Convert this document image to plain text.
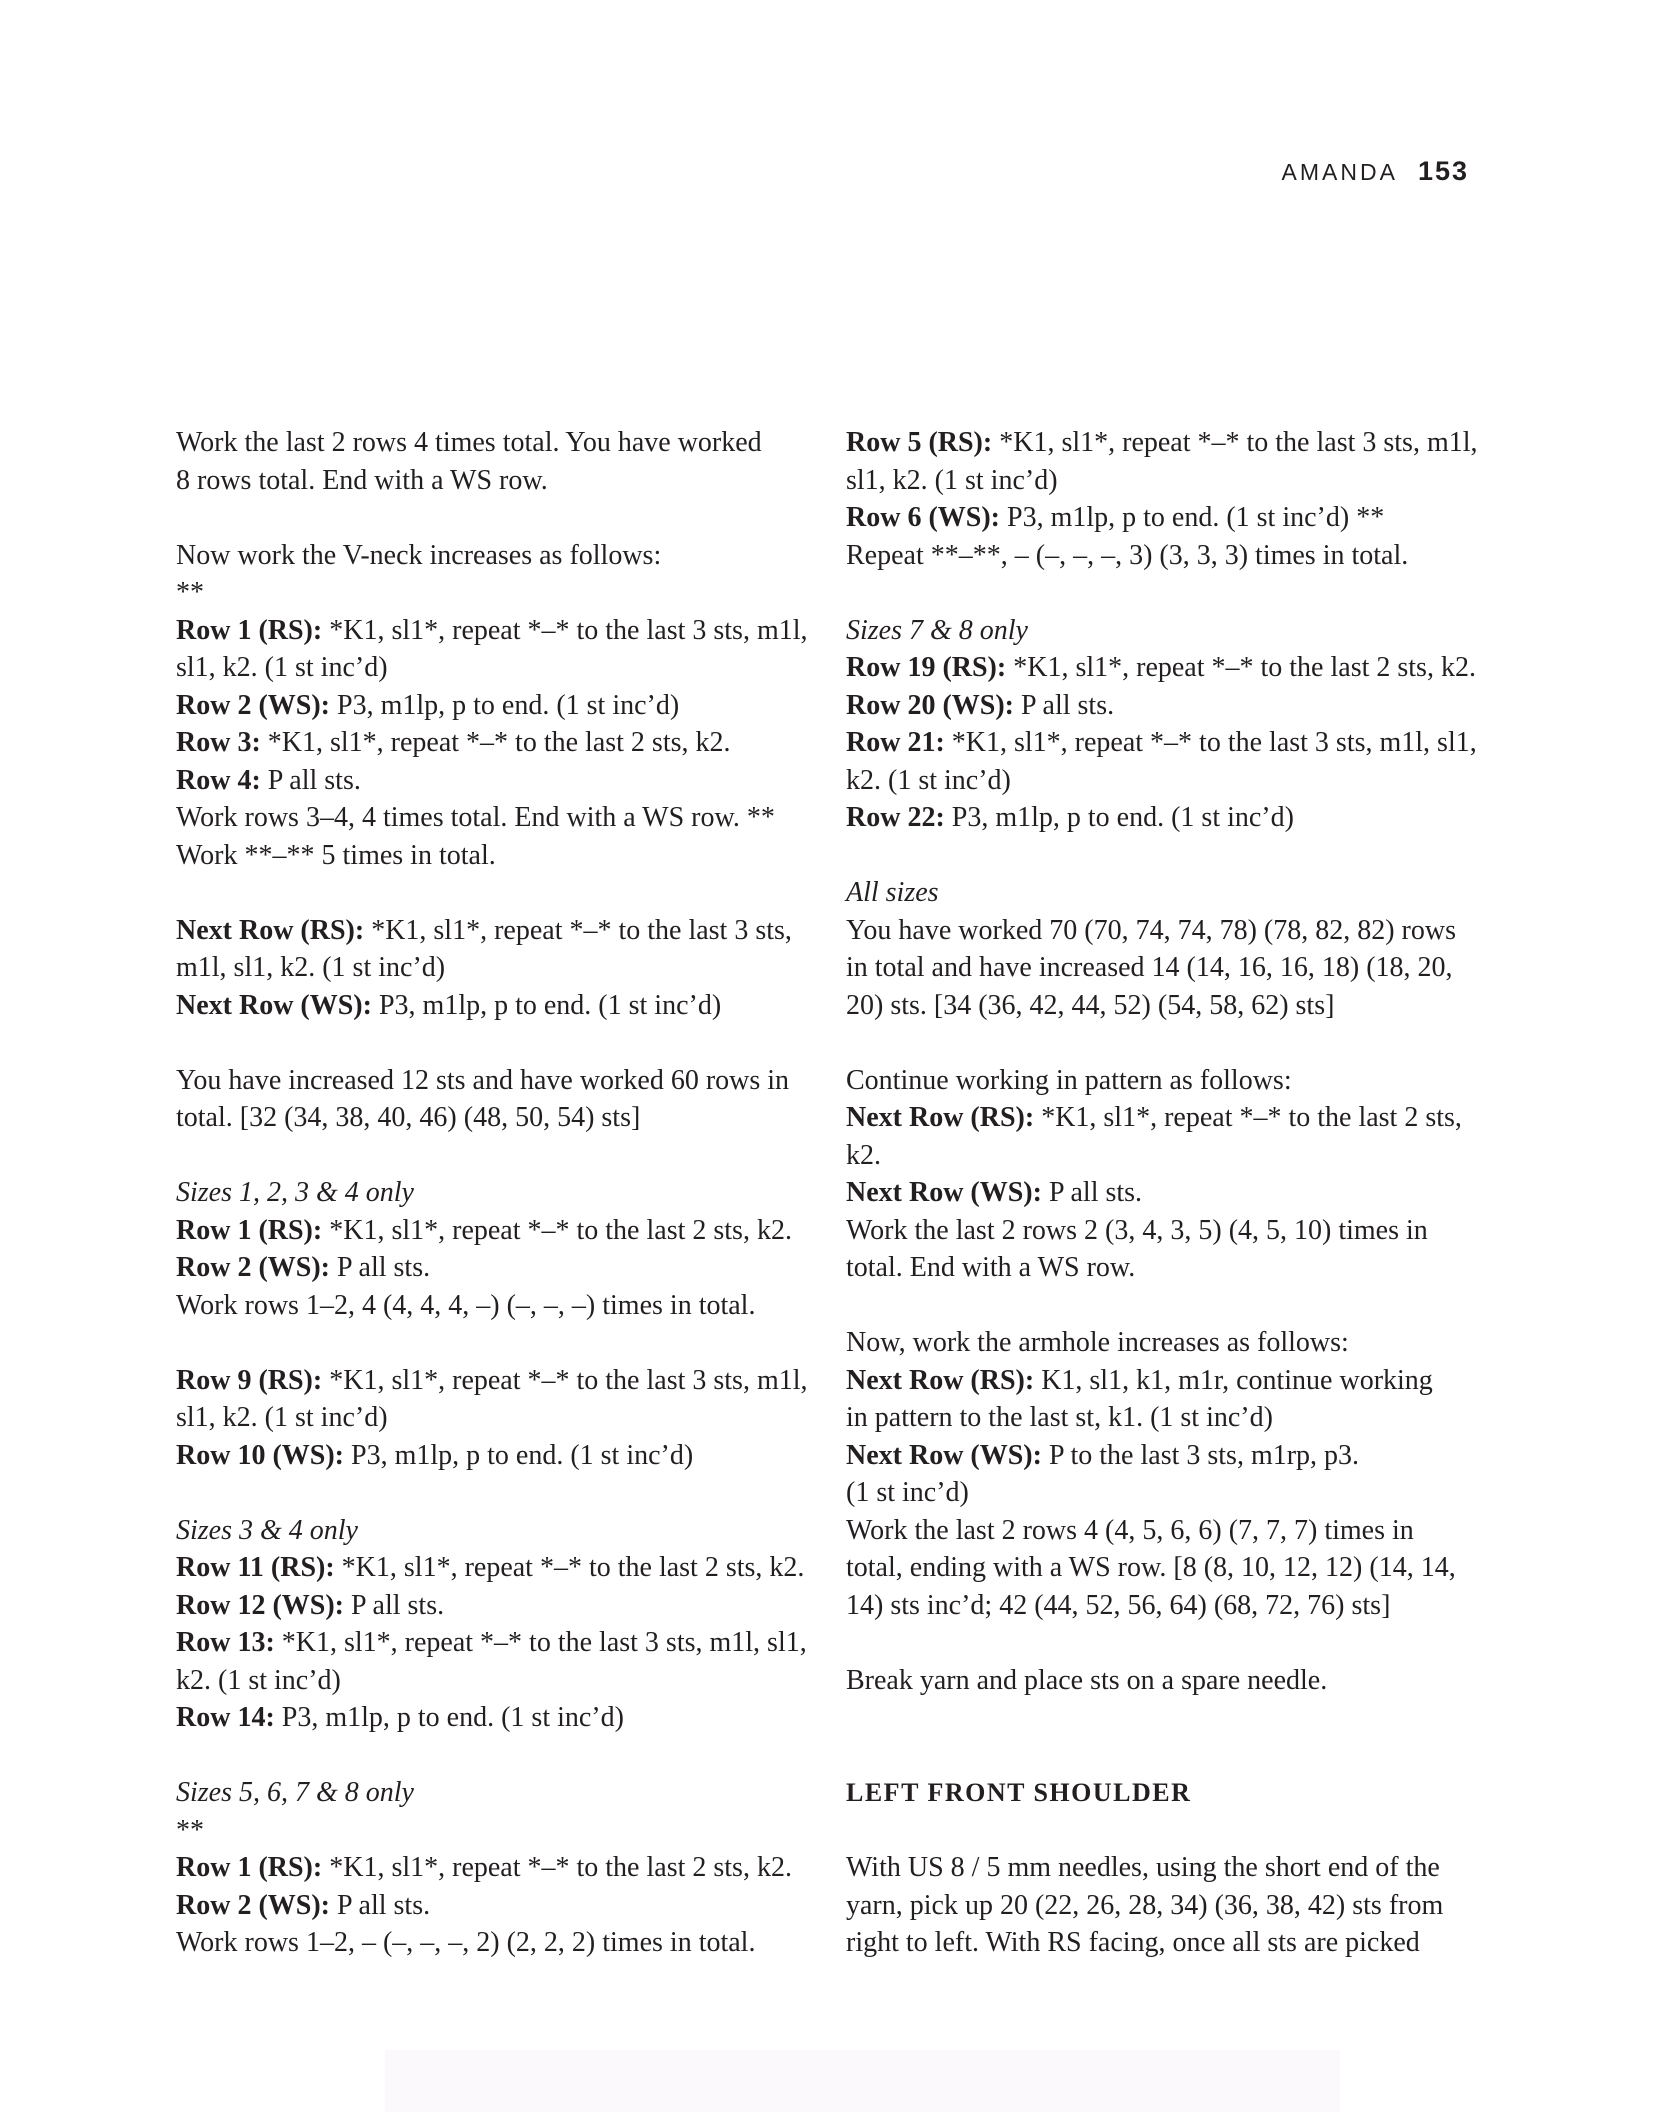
AMANDA 153
Work the last 2 rows 4 times total. You have worked
8 rows total. End with a WS row.
Now work the V-neck increases as follows:
**
Row 1 (RS): *K1, sl1*, repeat *–* to the last 3 sts, m1l,
sl1, k2. (1 st inc’d)
Row 2 (WS): P3, m1lp, p to end. (1 st inc’d)
Row 3: *K1, sl1*, repeat *–* to the last 2 sts, k2.
Row 4: P all sts.
Work rows 3–4, 4 times total. End with a WS row. **
Work **–** 5 times in total.
Next Row (RS): *K1, sl1*, repeat *–* to the last 3 sts,
m1l, sl1, k2. (1 st inc’d)
Next Row (WS): P3, m1lp, p to end. (1 st inc’d)
You have increased 12 sts and have worked 60 rows in
total. [32 (34, 38, 40, 46) (48, 50, 54) sts]
Sizes 1, 2, 3 & 4 only
Row 1 (RS): *K1, sl1*, repeat *–* to the last 2 sts, k2.
Row 2 (WS): P all sts.
Work rows 1–2, 4 (4, 4, 4, –) (–, –, –) times in total.
Row 9 (RS): *K1, sl1*, repeat *–* to the last 3 sts, m1l,
sl1, k2. (1 st inc’d)
Row 10 (WS): P3, m1lp, p to end. (1 st inc’d)
Sizes 3 & 4 only
Row 11 (RS): *K1, sl1*, repeat *–* to the last 2 sts, k2.
Row 12 (WS): P all sts.
Row 13: *K1, sl1*, repeat *–* to the last 3 sts, m1l, sl1,
k2. (1 st inc’d)
Row 14: P3, m1lp, p to end. (1 st inc’d)
Sizes 5, 6, 7 & 8 only
**
Row 1 (RS): *K1, sl1*, repeat *–* to the last 2 sts, k2.
Row 2 (WS): P all sts.
Work rows 1–2, – (–, –, –, 2) (2, 2, 2) times in total.
Row 5 (RS): *K1, sl1*, repeat *–* to the last 3 sts, m1l,
sl1, k2. (1 st inc’d)
Row 6 (WS): P3, m1lp, p to end. (1 st inc’d) **
Repeat **–**, – (–, –, –, 3) (3, 3, 3) times in total.
Sizes 7 & 8 only
Row 19 (RS): *K1, sl1*, repeat *–* to the last 2 sts, k2.
Row 20 (WS): P all sts.
Row 21: *K1, sl1*, repeat *–* to the last 3 sts, m1l, sl1,
k2. (1 st inc’d)
Row 22: P3, m1lp, p to end. (1 st inc’d)
All sizes
You have worked 70 (70, 74, 74, 78) (78, 82, 82) rows
in total and have increased 14 (14, 16, 16, 18) (18, 20,
20) sts. [34 (36, 42, 44, 52) (54, 58, 62) sts]
Continue working in pattern as follows:
Next Row (RS): *K1, sl1*, repeat *–* to the last 2 sts,
k2.
Next Row (WS): P all sts.
Work the last 2 rows 2 (3, 4, 3, 5) (4, 5, 10) times in
total. End with a WS row.
Now, work the armhole increases as follows:
Next Row (RS): K1, sl1, k1, m1r, continue working
in pattern to the last st, k1. (1 st inc’d)
Next Row (WS): P to the last 3 sts, m1rp, p3.
(1 st inc’d)
Work the last 2 rows 4 (4, 5, 6, 6) (7, 7, 7) times in
total, ending with a WS row. [8 (8, 10, 12, 12) (14, 14,
14) sts inc’d; 42 (44, 52, 56, 64) (68, 72, 76) sts]
Break yarn and place sts on a spare needle.
LEFT FRONT SHOULDER
With US 8 / 5 mm needles, using the short end of the
yarn, pick up 20 (22, 26, 28, 34) (36, 38, 42) sts from
right to left. With RS facing, once all sts are picked
